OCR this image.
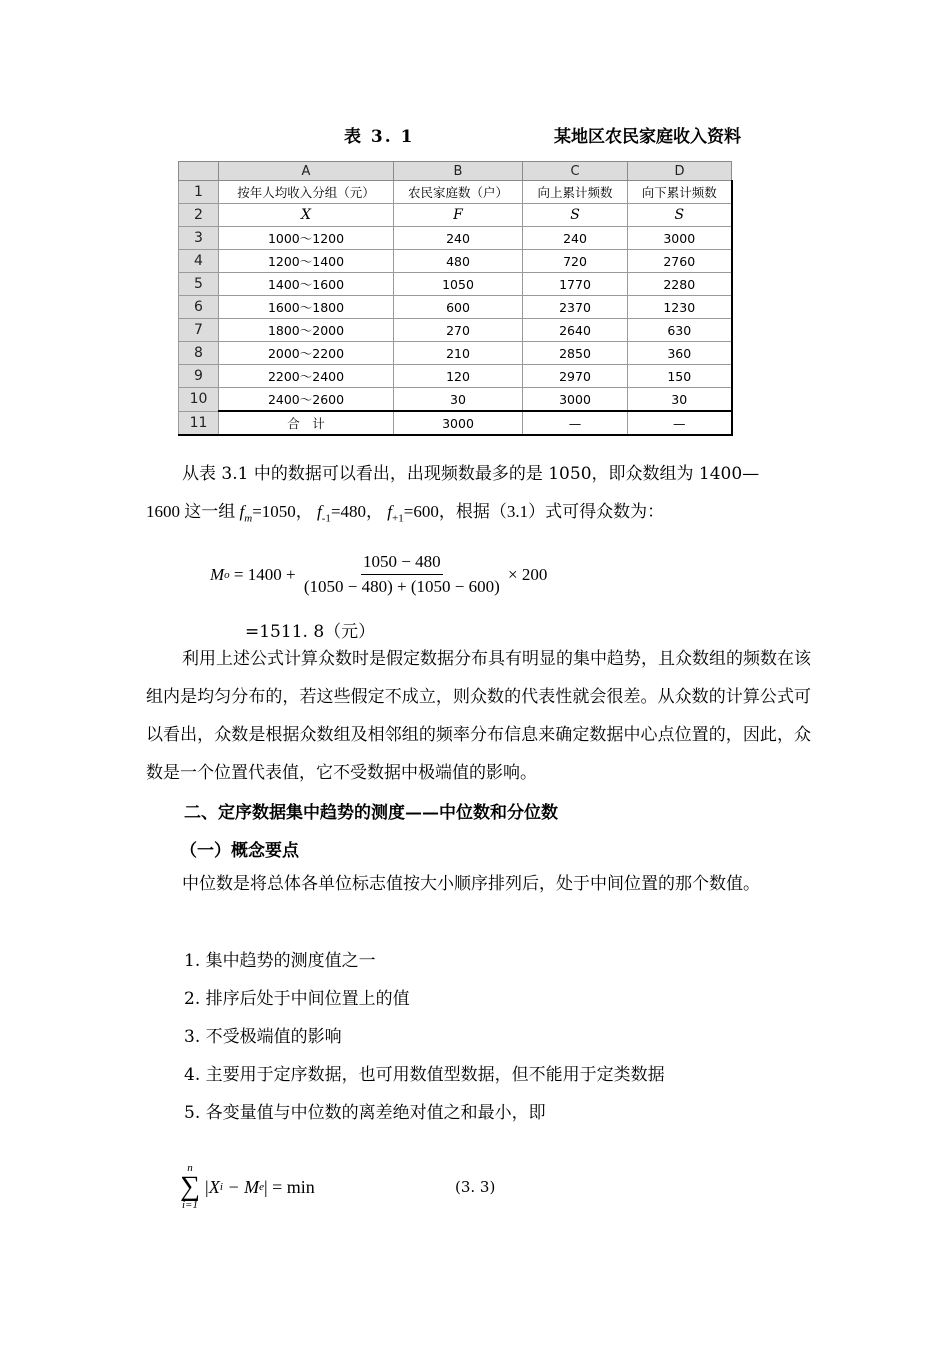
表 3. 1	某地区农民家庭收入资料
	A	B	C	D
1	按年人均收入分组（元）	农民家庭数（户）	向上累计频数	向下累计频数
2	X	F	S	S
3	1000～1200	240	240	3000
4	1200～1400	480	720	2760
5	1400～1600	1050	1770	2280
6	1600～1800	600	2370	1230
7	1800～2000	270	2640	630
8	2000～2200	210	2850	360
9	2200～2400	120	2970	150
10	2400～2600	30	3000	30
11	合　计	3000	—	—
从表 3.1 中的数据可以看出，出现频数最多的是 1050，即众数组为 1400—
1600 这一组 $f_m=1050$， $f_{-1}=480$， $f_{+1}=600$，根据（3.1）式可得众数为：
M $o = 1400 + \frac{1050 - 480}{(1050 - 480) + (1050 - 600)} \times 200$
=1511. 8（元）
利用上述公式计算众数时是假定数据分布具有明显的集中趋势，且众数组的频数在该组内是均匀分布的，若这些假定不成立，则众数的代表性就会很差。从众数的计算公式可以看出，众数是根据众数组及相邻组的频率分布信息来确定数据中心点位置的，因此，众数是一个位置代表值，它不受数据中极端值的影响。
二、定序数据集中趋势的测度——中位数和分位数
（一）概念要点
中位数是将总体各单位标志值按大小顺序排列后，处于中间位置的那个数值。
1. 集中趋势的测度值之一
2. 排序后处于中间位置上的值
3. 不受极端值的影响
4. 主要用于定序数据，也可用数值型数据，但不能用于定类数据
5. 各变量值与中位数的离差绝对值之和最小，即
n
∑
i=1
|X i − M e | = min	(3. 3)
